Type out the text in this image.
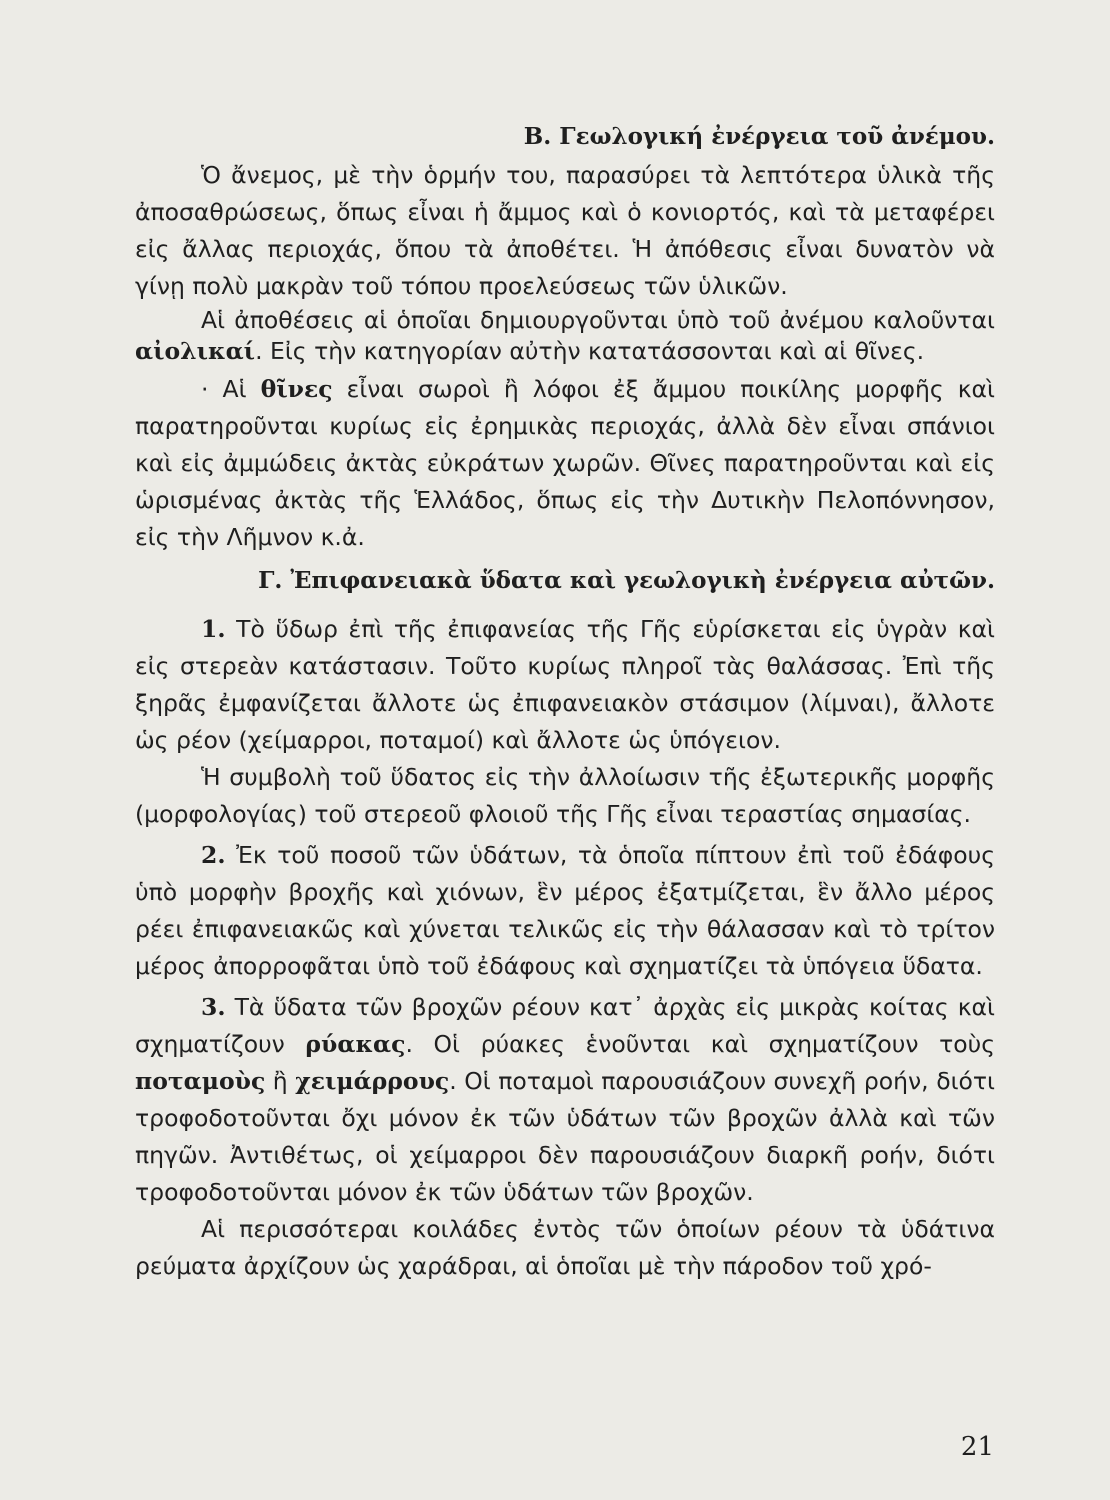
Β. Γεωλογική ἐνέργεια τοῦ ἀνέμου.

Ὁ ἄνεμος, μὲ τὴν ὁρμήν του, παρασύρει τὰ λεπτότερα ὑλικὰ τῆς ἀποσαθρώσεως, ὅπως εἶναι ἡ ἄμμος καὶ ὁ κονιορτός, καὶ τὰ μεταφέρει εἰς ἄλλας περιοχάς, ὅπου τὰ ἀποθέτει. Ἡ ἀπόθεσις εἶναι δυνατὸν νὰ γίνῃ πολὺ μακρὰν τοῦ τόπου προελεύσεως τῶν ὑλικῶν.

Αἱ ἀποθέσεις αἱ ὁποῖαι δημιουργοῦνται ὑπὸ τοῦ ἀνέμου καλοῦνται αἰολικαί. Εἰς τὴν κατηγορίαν αὐτὴν κατατάσσονται καὶ αἱ θῖνες.

· Αἱ θῖνες εἶναι σωροὶ ἢ λόφοι ἐξ ἄμμου ποικίλης μορφῆς καὶ παρατηροῦνται κυρίως εἰς ἐρημικὰς περιοχάς, ἀλλὰ δὲν εἶναι σπάνιοι καὶ εἰς ἀμμώδεις ἀκτὰς εὐκράτων χωρῶν. Θῖνες παρατηροῦνται καὶ εἰς ὡρισμένας ἀκτὰς τῆς Ἑλλάδος, ὅπως εἰς τὴν Δυτικὴν Πελοπόννησον, εἰς τὴν Λῆμνον κ.ἀ.

Γ. Ἐπιφανειακὰ ὕδατα καὶ γεωλογικὴ ἐνέργεια αὐτῶν.

1. Τὸ ὕδωρ ἐπὶ τῆς ἐπιφανείας τῆς Γῆς εὑρίσκεται εἰς ὑγρὰν καὶ εἰς στερεὰν κατάστασιν. Τοῦτο κυρίως πληροῖ τὰς θαλάσσας. Ἐπὶ τῆς ξηρᾶς ἐμφανίζεται ἄλλοτε ὡς ἐπιφανειακὸν στάσιμον (λίμναι), ἄλλοτε ὡς ρέον (χείμαρροι, ποταμοί) καὶ ἄλλοτε ὡς ὑπόγειον.

Ἡ συμβολὴ τοῦ ὕδατος εἰς τὴν ἀλλοίωσιν τῆς ἐξωτερικῆς μορφῆς (μορφολογίας) τοῦ στερεοῦ φλοιοῦ τῆς Γῆς εἶναι τεραστίας σημασίας.

2. Ἐκ τοῦ ποσοῦ τῶν ὑδάτων, τὰ ὁποῖα πίπτουν ἐπὶ τοῦ ἐδάφους ὑπὸ μορφὴν βροχῆς καὶ χιόνων, ἓν μέρος ἐξατμίζεται, ἓν ἄλλο μέρος ρέει ἐπιφανειακῶς καὶ χύνεται τελικῶς εἰς τὴν θάλασσαν καὶ τὸ τρίτον μέρος ἀπορροφᾶται ὑπὸ τοῦ ἐδάφους καὶ σχηματίζει τὰ ὑπόγεια ὕδατα.

3. Τὰ ὕδατα τῶν βροχῶν ρέουν κατ᾽ ἀρχὰς εἰς μικρὰς κοίτας καὶ σχηματίζουν ρύακας. Οἱ ρύακες ἑνοῦνται καὶ σχηματίζουν τοὺς ποταμοὺς ἢ χειμάρρους. Οἱ ποταμοὶ παρουσιάζουν συνεχῆ ροήν, διότι τροφοδοτοῦνται ὄχι μόνον ἐκ τῶν ὑδάτων τῶν βροχῶν ἀλλὰ καὶ τῶν πηγῶν. Ἀντιθέτως, οἱ χείμαρροι δὲν παρουσιάζουν διαρκῆ ροήν, διότι τροφοδοτοῦνται μόνον ἐκ τῶν ὑδάτων τῶν βροχῶν.

Αἱ περισσότεραι κοιλάδες ἐντὸς τῶν ὁποίων ρέουν τὰ ὑδάτινα ρεύματα ἀρχίζουν ὡς χαράδραι, αἱ ὁποῖαι μὲ τὴν πάροδον τοῦ χρό-

21
